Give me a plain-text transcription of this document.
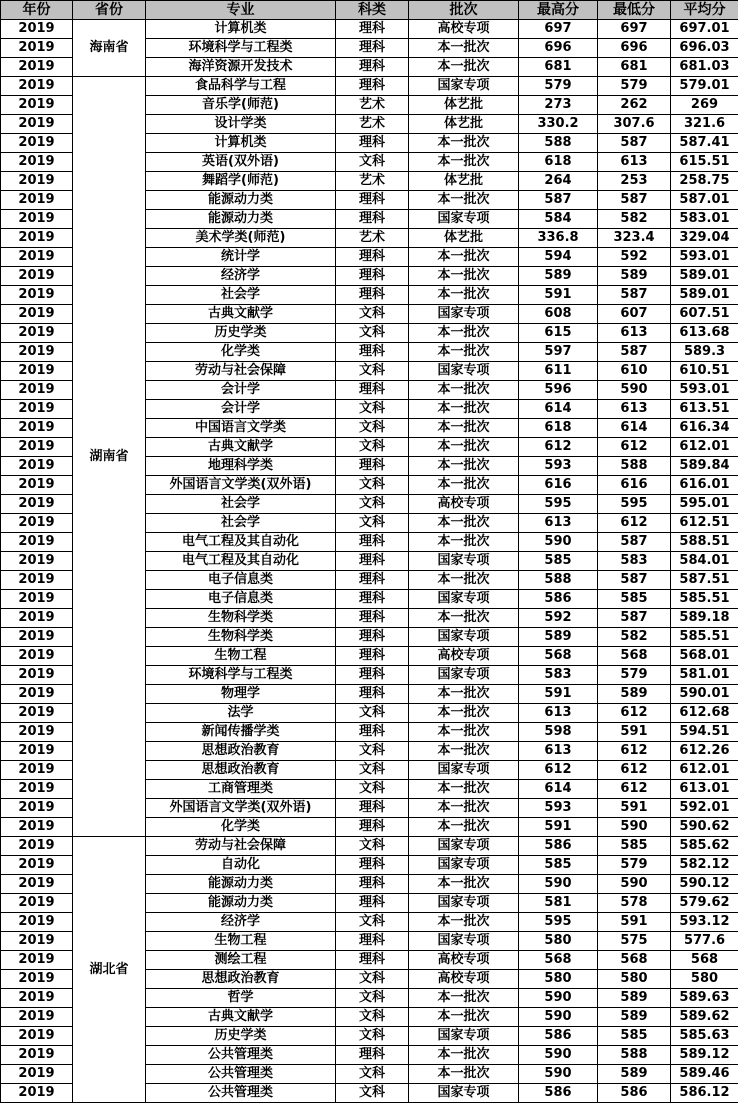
年份	省份	专业	科类	批次	最高分	最低分	平均分
2019	海南省	计算机类	理科	高校专项	697	697	697.01
2019		环境科学与工程类	理科	本一批次	696	696	696.03
2019		海洋资源开发技术	理科	本一批次	681	681	681.03
2019	湖南省	食品科学与工程	理科	国家专项	579	579	579.01
2019		音乐学(师范)	艺术	体艺批	273	262	269
2019		设计学类	艺术	体艺批	330.2	307.6	321.6
2019		计算机类	理科	本一批次	588	587	587.41
2019		英语(双外语)	文科	本一批次	618	613	615.51
2019		舞蹈学(师范)	艺术	体艺批	264	253	258.75
2019		能源动力类	理科	本一批次	587	587	587.01
2019		能源动力类	理科	国家专项	584	582	583.01
2019		美术学类(师范)	艺术	体艺批	336.8	323.4	329.04
2019		统计学	理科	本一批次	594	592	593.01
2019		经济学	理科	本一批次	589	589	589.01
2019		社会学	理科	本一批次	591	587	589.01
2019		古典文献学	文科	国家专项	608	607	607.51
2019		历史学类	文科	本一批次	615	613	613.68
2019		化学类	理科	本一批次	597	587	589.3
2019		劳动与社会保障	文科	国家专项	611	610	610.51
2019		会计学	理科	本一批次	596	590	593.01
2019		会计学	文科	本一批次	614	613	613.51
2019		中国语言文学类	文科	本一批次	618	614	616.34
2019		古典文献学	文科	本一批次	612	612	612.01
2019		地理科学类	理科	本一批次	593	588	589.84
2019		外国语言文学类(双外语)	文科	本一批次	616	616	616.01
2019		社会学	文科	高校专项	595	595	595.01
2019		社会学	文科	本一批次	613	612	612.51
2019		电气工程及其自动化	理科	本一批次	590	587	588.51
2019		电气工程及其自动化	理科	国家专项	585	583	584.01
2019		电子信息类	理科	本一批次	588	587	587.51
2019		电子信息类	理科	国家专项	586	585	585.51
2019		生物科学类	理科	本一批次	592	587	589.18
2019		生物科学类	理科	国家专项	589	582	585.51
2019		生物工程	理科	高校专项	568	568	568.01
2019		环境科学与工程类	理科	国家专项	583	579	581.01
2019		物理学	理科	本一批次	591	589	590.01
2019		法学	文科	本一批次	613	612	612.68
2019		新闻传播学类	理科	本一批次	598	591	594.51
2019		思想政治教育	文科	本一批次	613	612	612.26
2019		思想政治教育	文科	国家专项	612	612	612.01
2019		工商管理类	文科	本一批次	614	612	613.01
2019		外国语言文学类(双外语)	理科	本一批次	593	591	592.01
2019		化学类	理科	本一批次	591	590	590.62
2019	湖北省	劳动与社会保障	文科	国家专项	586	585	585.62
2019		自动化	理科	国家专项	585	579	582.12
2019		能源动力类	理科	本一批次	590	590	590.12
2019		能源动力类	理科	国家专项	581	578	579.62
2019		经济学	文科	本一批次	595	591	593.12
2019		生物工程	理科	国家专项	580	575	577.6
2019		测绘工程	理科	高校专项	568	568	568
2019		思想政治教育	文科	高校专项	580	580	580
2019		哲学	文科	本一批次	590	589	589.63
2019		古典文献学	文科	本一批次	590	589	589.62
2019		历史学类	文科	国家专项	586	585	585.63
2019		公共管理类	理科	本一批次	590	588	589.12
2019		公共管理类	文科	本一批次	590	589	589.46
2019		公共管理类	文科	国家专项	586	586	586.12
